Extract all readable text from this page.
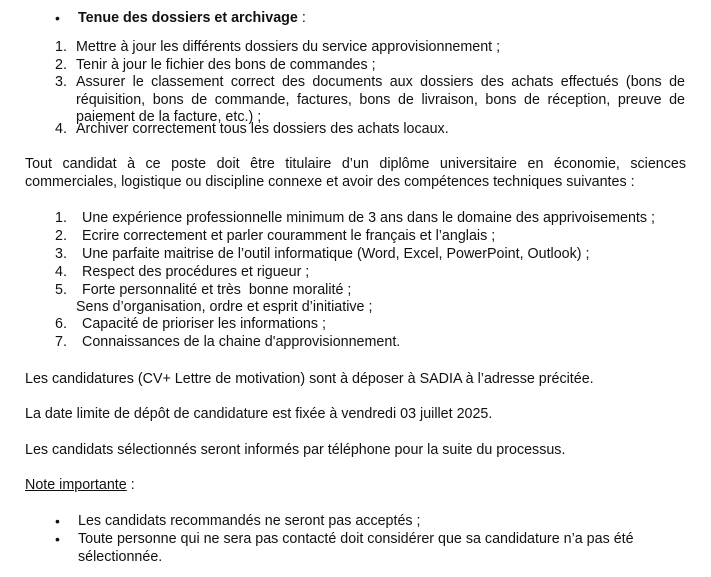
• Tenue des dossiers et archivage :
1. Mettre à jour les différents dossiers du service approvisionnement ;
2. Tenir à jour le fichier des bons de commandes ;
3. Assurer le classement correct des documents aux dossiers des achats effectués (bons de réquisition, bons de commande, factures, bons de livraison, bons de réception, preuve de paiement de la facture, etc.) ;
4. Archiver correctement tous les dossiers des achats locaux.
Tout candidat à ce poste doit être titulaire d’un diplôme universitaire en économie, sciences commerciales, logistique ou discipline connexe et avoir des compétences techniques suivantes :
1. Une expérience professionnelle minimum de 3 ans dans le domaine des apprivoisements ;
2. Ecrire correctement et parler couramment le français et l’anglais ;
3. Une parfaite maitrise de l’outil informatique (Word, Excel, PowerPoint, Outlook) ;
4. Respect des procédures et rigueur ;
5. Forte personnalité et très  bonne moralité ;
Sens d’organisation, ordre et esprit d’initiative ;
6. Capacité de prioriser les informations ;
7. Connaissances de la chaine d'approvisionnement.
Les candidatures (CV+ Lettre de motivation) sont à déposer à SADIA à l’adresse précitée.
La date limite de dépôt de candidature est fixée à vendredi 03 juillet 2025.
Les candidats sélectionnés seront informés par téléphone pour la suite du processus.
Note importante :
• Les candidats recommandés ne seront pas acceptés ;
• Toute personne qui ne sera pas contacté doit considérer que sa candidature n’a pas été sélectionnée.
